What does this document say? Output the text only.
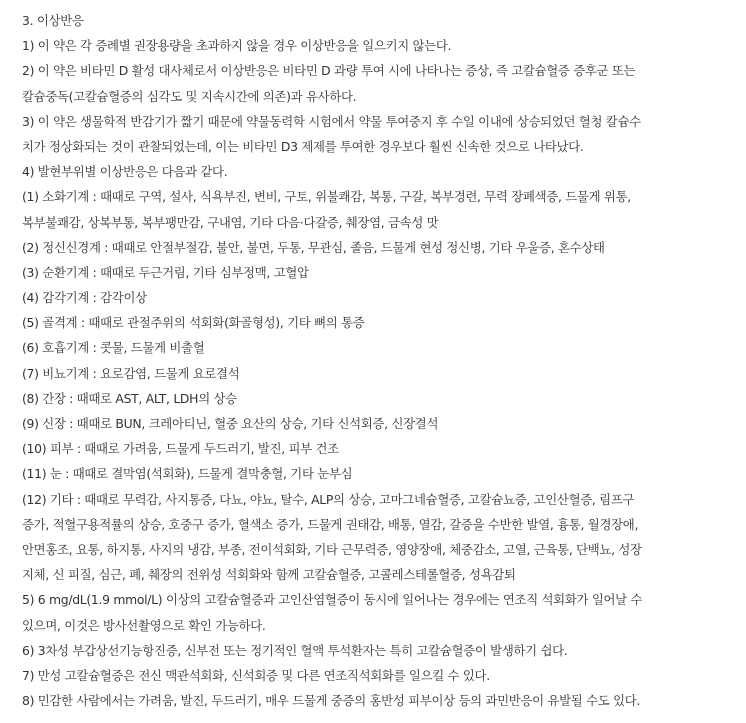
3. 이상반응
1) 이 약은 각 증례별 권장용량을 초과하지 않을 경우 이상반응을 일으키지 않는다.
2) 이 약은 비타민 D 활성 대사체로서 이상반응은 비타민 D 과량 투여 시에 나타나는 증상, 즉 고칼슘혈증 증후군 또는
칼슘중독(고칼슘혈증의 심각도 및 지속시간에 의존)과 유사하다.
3) 이 약은 생물학적 반감기가 짧기 때문에 약물동력학 시험에서 약물 투여중지 후 수일 이내에 상승되었던 혈청 칼슘수
치가 정상화되는 것이 관찰되었는데, 이는 비타민 D3 제제를 투여한 경우보다 훨씬 신속한 것으로 나타났다.
4) 발현부위별 이상반응은 다음과 같다.
(1) 소화기계 : 때때로 구역, 설사, 식욕부진, 변비, 구토, 위불쾌감, 복통, 구갈, 복부경련, 무력 장폐색증, 드물게 위통,
복부불쾌감, 상복부통, 복부팽만감, 구내염, 기타 다음·다갈증, 췌장염, 금속성 맛
(2) 정신신경계 : 때때로 안절부절감, 불안, 불면, 두통, 무관심, 졸음, 드물게 현성 정신병, 기타 우울증, 혼수상태
(3) 순환기계 : 때때로 두근거림, 기타 심부정맥, 고혈압
(4) 감각기계 : 감각이상
(5) 골격계 : 때때로 관절주위의 석회화(화골형성), 기타 뼈의 통증
(6) 호흡기계 : 콧물, 드물게 비출혈
(7) 비뇨기계 : 요로감염, 드물게 요로결석
(8) 간장 : 때때로 AST, ALT, LDH의 상승
(9) 신장 : 때때로 BUN, 크레아티닌, 혈중 요산의 상승, 기타 신석회증, 신장결석
(10) 피부 : 때때로 가려움, 드물게 두드러기, 발진, 피부 건조
(11) 눈 : 때때로 결막염(석회화), 드물게 결막충혈, 기타 눈부심
(12) 기타 : 때때로 무력감, 사지통증, 다뇨, 야뇨, 탈수, ALP의 상승, 고마그네슘혈증, 고칼슘뇨증, 고인산혈증, 림프구
증가, 적혈구용적률의 상승, 호중구 증가, 혈색소 증가, 드물게 권태감, 배통, 열감, 갈증을 수반한 발열, 흉통, 월경장애,
안면홍조, 요통, 하지통, 사지의 냉감, 부종, 전이석회화, 기타 근무력증, 영양장애, 체중감소, 고열, 근육통, 단백뇨, 성장
지체, 신 피질, 심근, 폐, 췌장의 전위성 석회화와 함께 고칼슘혈증, 고콜레스테롤혈증, 성욕감퇴
5) 6 mg/dL(1.9 mmol/L) 이상의 고칼슘혈증과 고인산염혈증이 동시에 일어나는 경우에는 연조직 석회화가 일어날 수
있으며, 이것은 방사선촬영으로 확인 가능하다.
6) 3차성 부갑상선기능항진증, 신부전 또는 정기적인 혈액 투석환자는 특히 고칼슘혈증이 발생하기 쉽다.
7) 만성 고칼슘혈증은 전신 맥관석회화, 신석회증 및 다른 연조직석회화를 일으킬 수 있다.
8) 민감한 사람에서는 가려움, 발진, 두드러기, 매우 드물게 중증의 홍반성 피부이상 등의 과민반응이 유발될 수도 있다.
